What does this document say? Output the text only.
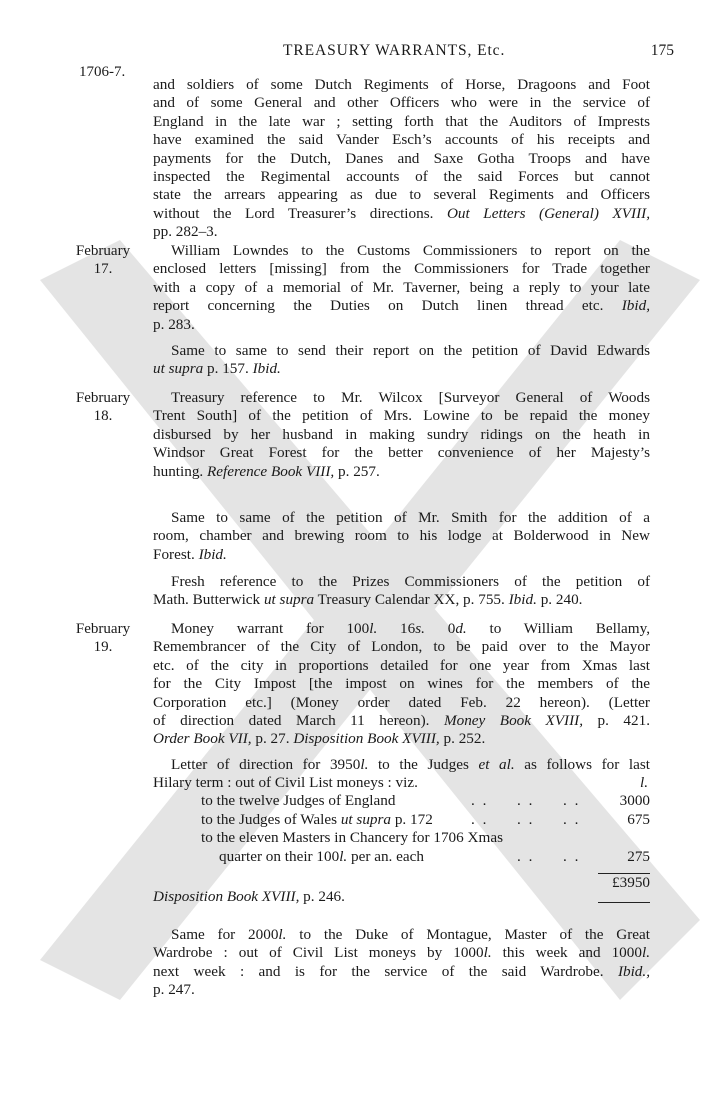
TREASURY WARRANTS, Etc.	175
1706-7.
and soldiers of some Dutch Regiments of Horse, Dragoons and Foot
and of some General and other Officers who were in the service of
England in the late war ; setting forth that the Auditors of Imprests
have examined the said Vander Esch’s accounts of his receipts and
payments for the Dutch, Danes and Saxe Gotha Troops and have
inspected the Regimental accounts of the said Forces but cannot
state the arrears appearing as due to several Regiments and Officers
without the Lord Treasurer’s directions. Out Letters (General) XVIII,
pp. 282–3.
February
17.
William Lowndes to the Customs Commissioners to report on the
enclosed letters [missing] from the Commissioners for Trade together
with a copy of a memorial of Mr. Taverner, being a reply to your late
report concerning the Duties on Dutch linen thread etc. Ibid,
p. 283.
Same to same to send their report on the petition of David Edwards
ut supra p. 157. Ibid.
February
18.
Treasury reference to Mr. Wilcox [Surveyor General of Woods
Trent South] of the petition of Mrs. Lowine to be repaid the money
disbursed by her husband in making sundry ridings on the heath in
Windsor Great Forest for the better convenience of her Majesty’s
hunting. Reference Book VIII, p. 257.
Same to same of the petition of Mr. Smith for the addition of a
room, chamber and brewing room to his lodge at Bolderwood in New
Forest. Ibid.
Fresh reference to the Prizes Commissioners of the petition of
Math. Butterwick ut supra Treasury Calendar XX, p. 755. Ibid. p. 240.
February
19.
Money warrant for 100l. 16s. 0d. to William Bellamy,
Remembrancer of the City of London, to be paid over to the Mayor
etc. of the city in proportions detailed for one year from Xmas last
for the City Impost [the impost on wines for the members of the
Corporation etc.] (Money order dated Feb. 22 hereon). (Letter
of direction dated March 11 hereon). Money Book XVIII, p. 421.
Order Book VII, p. 27. Disposition Book XVIII, p. 252.
Letter of direction for 3950l. to the Judges et al. as follows for last
Hilary term : out of Civil List moneys : viz.	l.
to the twelve Judges of England	. . . . . .	3000
to the Judges of Wales ut supra p. 172	. . . . . .	675
to the eleven Masters in Chancery for 1706 Xmas
quarter on their 100l. per an. each	. . . .	275
£3950
Disposition Book XVIII, p. 246.
Same for 2000l. to the Duke of Montague, Master of the Great
Wardrobe : out of Civil List moneys by 1000l. this week and 1000l.
next week : and is for the service of the said Wardrobe. Ibid.,
p. 247.
